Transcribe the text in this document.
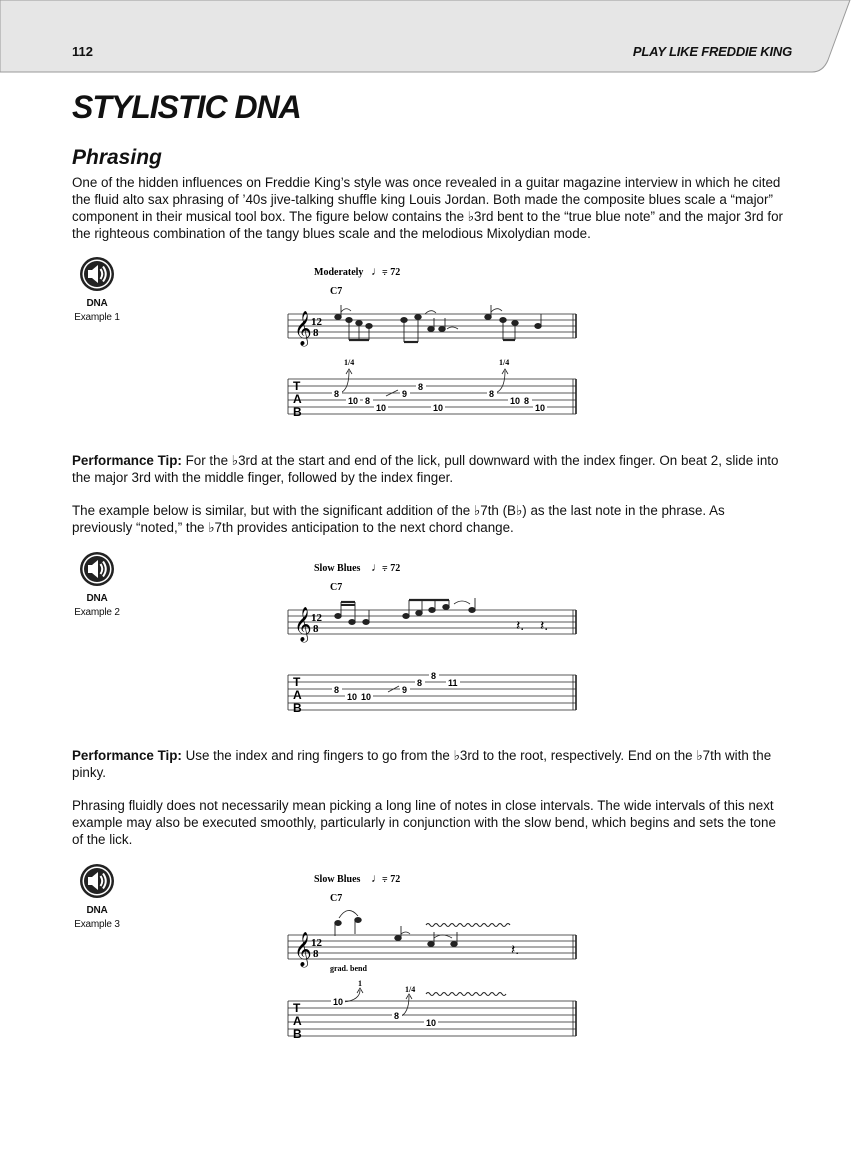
112	PLAY LIKE FREDDIE KING
STYLISTIC DNA
Phrasing

One of the hidden influences on Freddie King’s style was once revealed in a guitar magazine interview in which he cited the fluid alto sax phrasing of ’40s jive-talking shuffle king Louis Jordan. Both made the composite blues scale a “major” component in their musical tool box. The figure below contains the ♭3rd bent to the “true blue note” and the major 3rd for the righteous combination of the tangy blues scale and the melodious Mixolydian mode.

DNA
Example 1
Moderately ♩.
= 72
C7
𝄞 12
8
1/4	1/4
T
A
B
8
10 8
10
9
8
10
8
10 8
10

Performance Tip: For the ♭3rd at the start and end of the lick, pull downward with the index finger. On beat 2, slide into the major 3rd with the middle finger, followed by the index finger.

The example below is similar, but with the significant addition of the ♭7th (B♭) as the last note in the phrase. As previously “noted,” the ♭7th provides anticipation to the next chord change.

DNA
Example 2
Slow Blues ♩.
= 72
C7
𝄞 12
8	𝄽. 𝄽.
T
A
B
8
10 10
9
8
8
11

Performance Tip: Use the index and ring fingers to go from the ♭3rd to the root, respectively. End on the ♭7th with the pinky.

Phrasing fluidly does not necessarily mean picking a long line of notes in close intervals. The wide intervals of this next example may also be executed smoothly, particularly in conjunction with the slow bend, which begins and sets the tone of the lick.

DNA
Example 3
Slow Blues ♩.
= 72
C7
𝄞 12
8	𝄽.
grad. bend
1
1/4
T
A
B
10
8
10
